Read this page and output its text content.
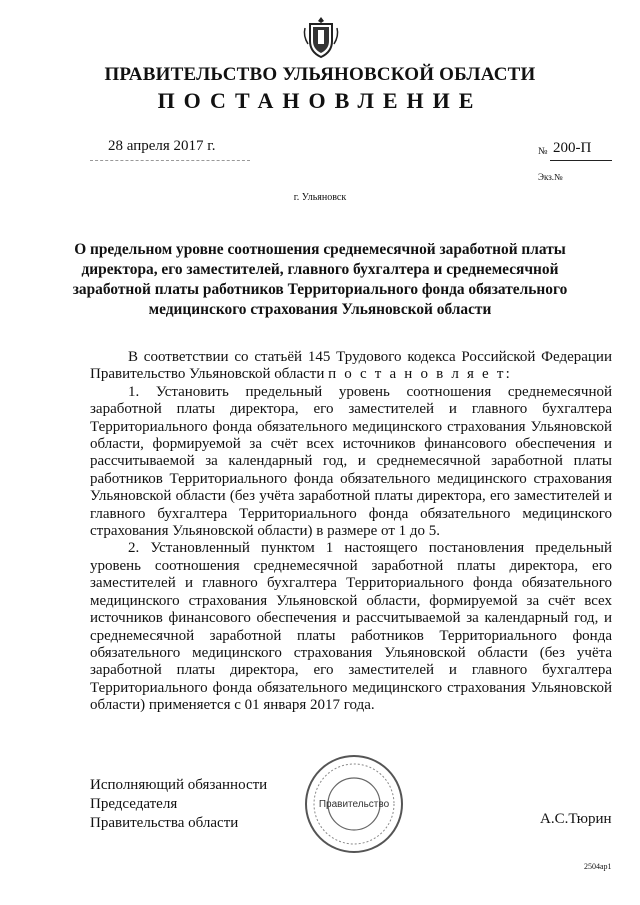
ПРАВИТЕЛЬСТВО УЛЬЯНОВСКОЙ ОБЛАСТИ
ПОСТАНОВЛЕНИЕ
28 апреля 2017 г.	№ 200-П
Экз.№
г. Ульяновск
О предельном уровне соотношения среднемесячной заработной платы директора, его заместителей, главного бухгалтера и среднемесячной заработной платы работников Территориального фонда обязательного медицинского страхования Ульяновской области

В соответствии со статьёй 145 Трудового кодекса Российской Федерации Правительство Ульяновской области п о с т а н о в л я е т:

1. Установить предельный уровень соотношения среднемесячной заработной платы директора, его заместителей и главного бухгалтера Территориального фонда обязательного медицинского страхования Ульяновской области, формируемой за счёт всех источников финансового обеспечения и рассчитываемой за календарный год, и среднемесячной заработной платы работников Территориального фонда обязательного медицинского страхования Ульяновской области (без учёта заработной платы директора, его заместителей и главного бухгалтера Территориального фонда обязательного медицинского страхования Ульяновской области) в размере от 1 до 5.

2. Установленный пунктом 1 настоящего постановления предельный уровень соотношения среднемесячной заработной платы директора, его заместителей и главного бухгалтера Территориального фонда обязательного медицинского страхования Ульяновской области, формируемой за счёт всех источников финансового обеспечения и рассчитываемой за календарный год, и среднемесячной заработной платы работников Территориального фонда обязательного медицинского страхования Ульяновской области (без учёта заработной платы директора, его заместителей и главного бухгалтера Территориального фонда обязательного медицинского страхования Ульяновской области) применяется с 01 января 2017 года.

Исполняющий обязанности
Председателя
Правительства области
Правительство
А.С.Тюрин
2504ар1
